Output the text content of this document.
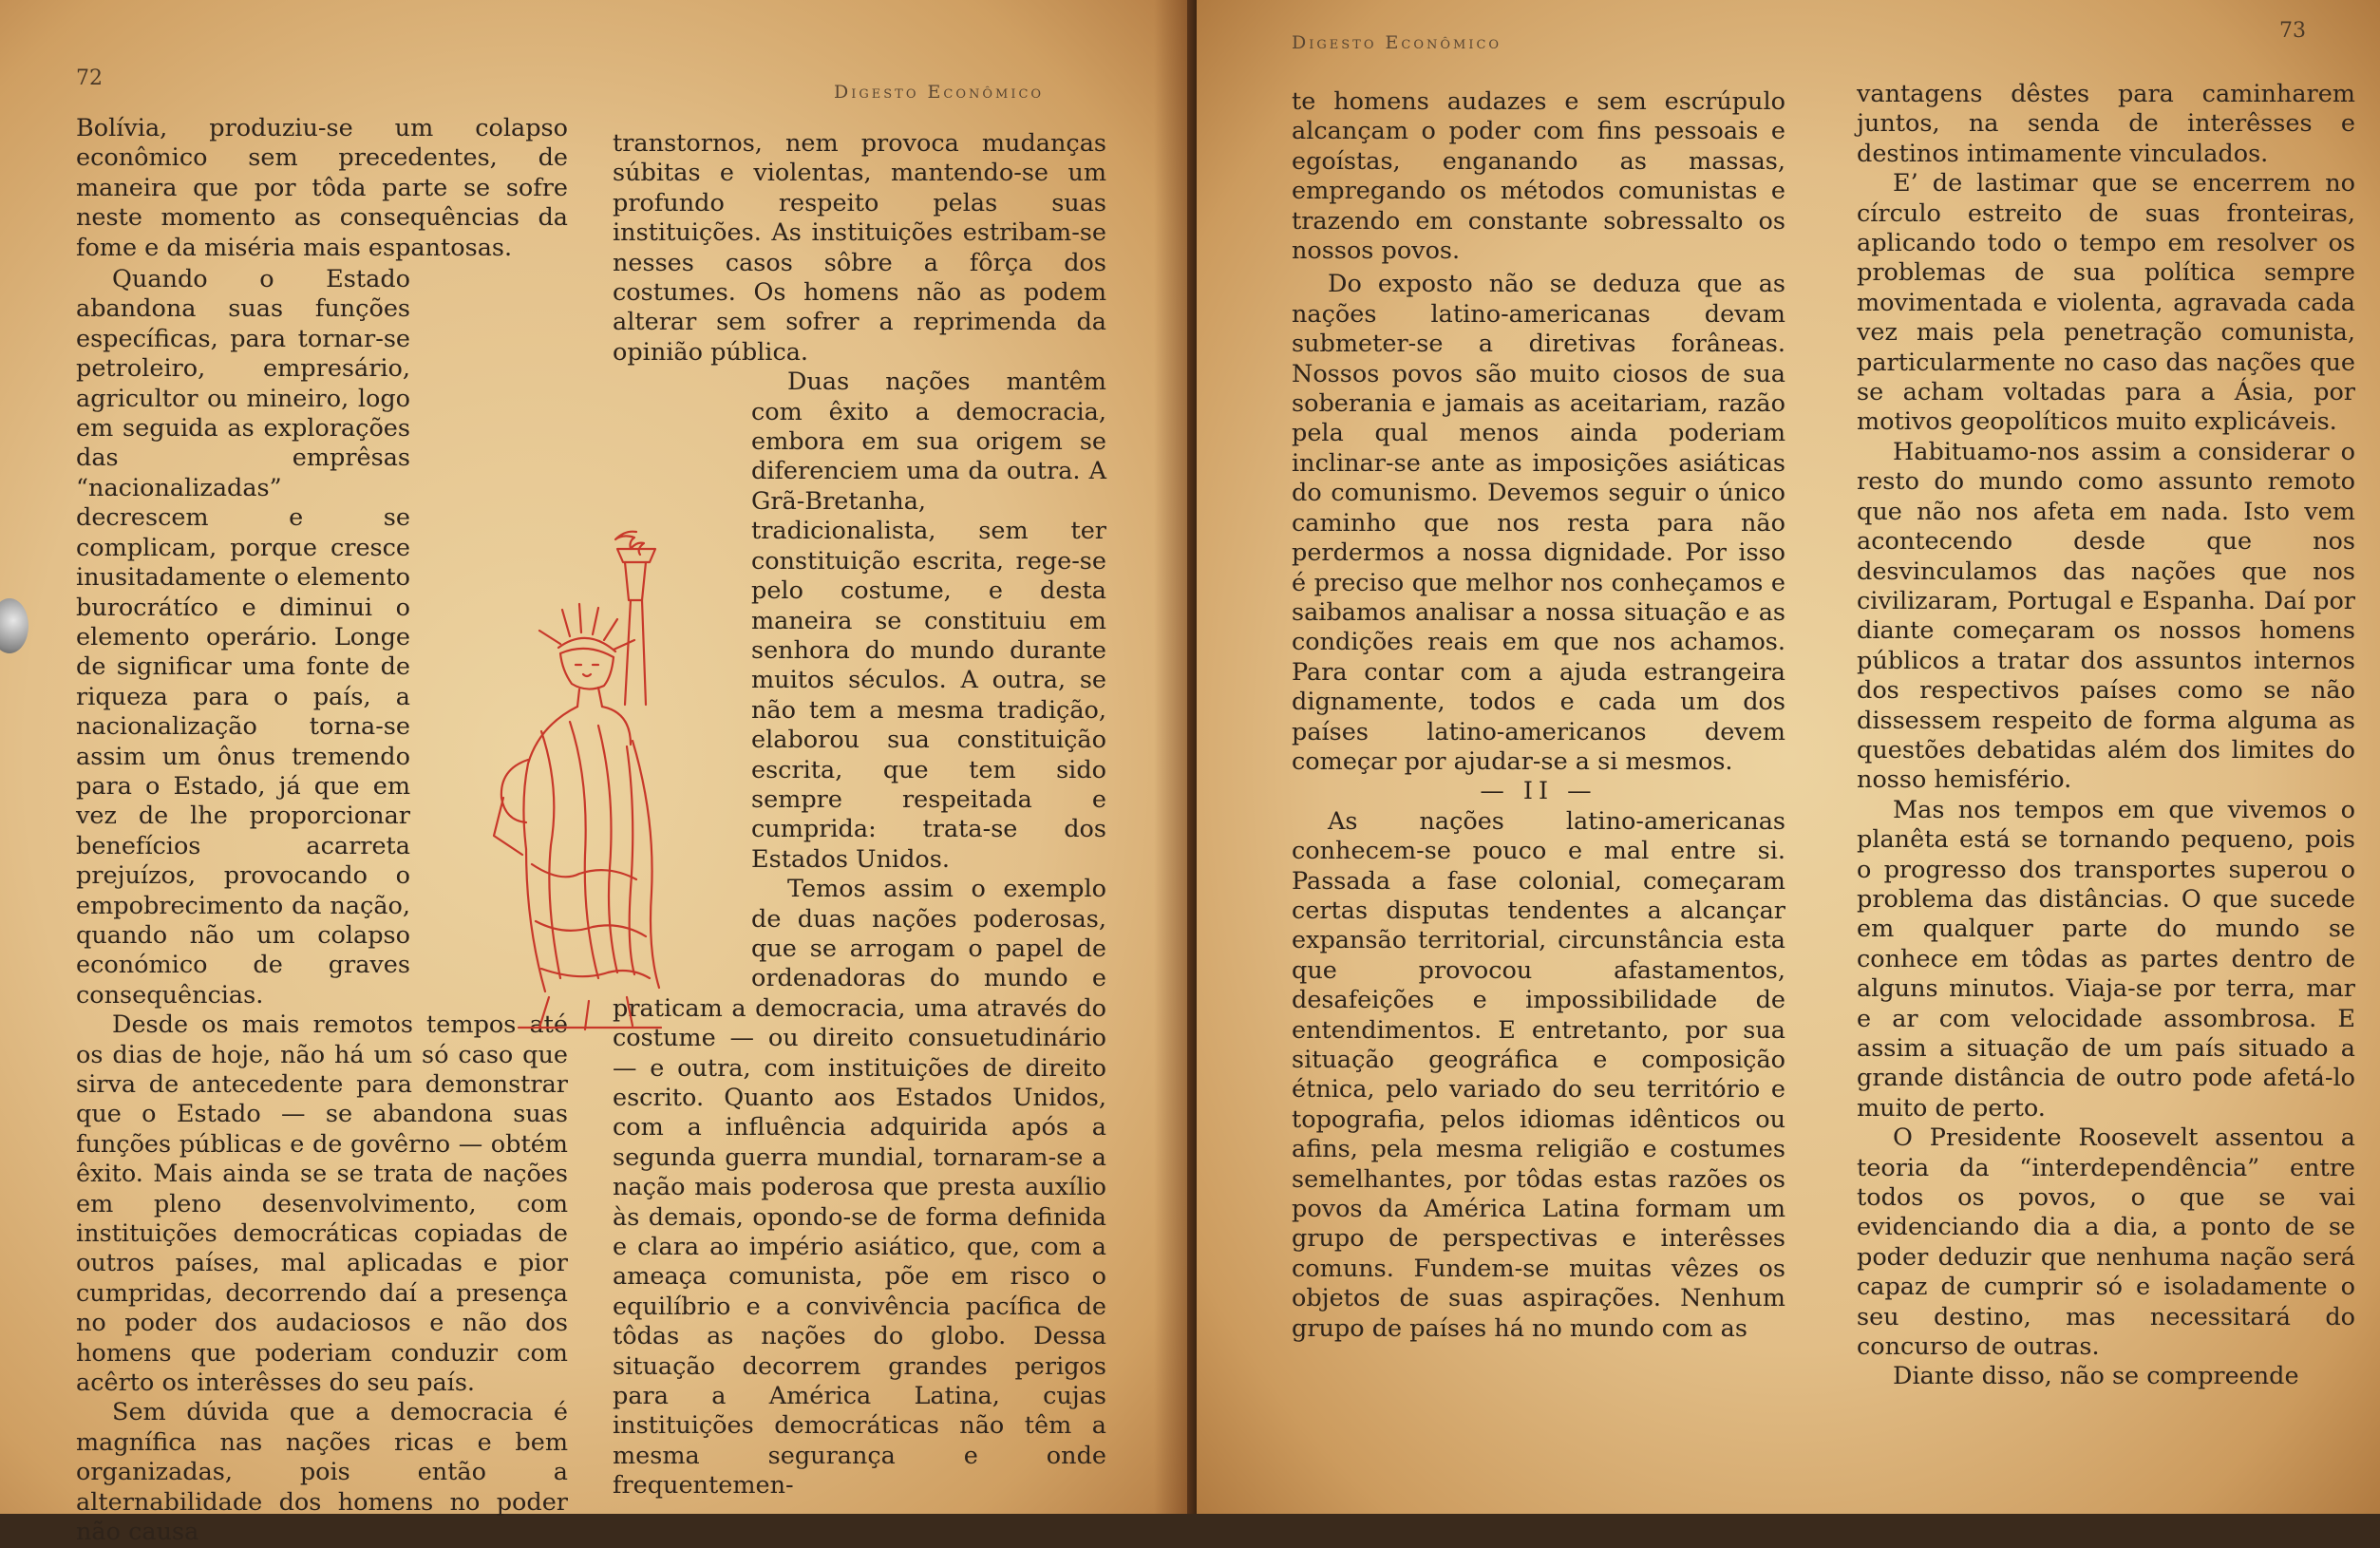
72
Digesto Econômico

Bolívia, produziu-se um colapso econômico sem precedentes, de maneira que por tôda parte se sofre neste momento as consequências da fome e da miséria mais espantosas.

Quando o Estado abandona suas funções específicas, para tornar-se petroleiro, empresário, agricultor ou mineiro, logo em seguida as explorações das emprêsas “nacionalizadas” decrescem e se complicam, porque cresce inusitadamente o elemento burocrátíco e diminui o elemento operário. Longe de significar uma fonte de riqueza para o país, a nacionalização torna-se assim um ônus tremendo para o Estado, já que em vez de lhe proporcionar benefícios acarreta prejuízos, provocando o empobrecimento da nação, quando não um colapso económico de graves consequências.

Desde os mais remotos tempos até os dias de hoje, não há um só caso que sirva de antecedente para demonstrar que o Estado — se abandona suas funções públicas e de govêrno — obtém êxito. Mais ainda se se trata de nações em pleno desenvolvimento, com instituições democráticas copiadas de outros países, mal aplicadas e pior cumpridas, decorrendo daí a presença no poder dos audaciosos e não dos homens que poderiam conduzir com acêrto os interêsses do seu país.

Sem dúvida que a democracia é magnífica nas nações ricas e bem organizadas, pois então a alternabilidade dos homens no poder não causa

transtornos, nem provoca mudanças súbitas e violentas, mantendo-se um profundo respeito pelas suas instituições. As instituições estribam-se nesses casos sôbre a fôrça dos costumes. Os homens não as podem alterar sem sofrer a reprimenda da opinião pública.

Duas nações mantêm com êxito a democracia, embora em sua origem se diferenciem uma da outra. A Grã-Bretanha, tradicionalista, sem ter constituição escrita, rege-se pelo costume, e desta maneira se constituiu em senhora do mundo durante muitos séculos. A outra, se não tem a mesma tradição, elaborou sua constituição escrita, que tem sido sempre respeitada e cumprida: trata-se dos Estados Unidos.

Temos assim o exemplo de duas nações poderosas, que se arrogam o papel de ordenadoras do mundo e praticam a democracia, uma através do costume — ou direito consuetudinário — e outra, com instituições de direito escrito. Quanto aos Estados Unidos, com a influência adquirida após a segunda guerra mundial, tornaram-se a nação mais poderosa que presta auxílio às demais, opondo-se de forma definida e clara ao império asiático, que, com a ameaça comunista, põe em risco o equilíbrio e a convivência pacífica de tôdas as nações do globo. Dessa situação decorrem grandes perigos para a América Latina, cujas instituições democráticas não têm a mesma segurança e onde frequentemen-

Digesto Econômico	73

te homens audazes e sem escrúpulo alcançam o poder com fins pessoais e egoístas, enganando as massas, empregando os métodos comunistas e trazendo em constante sobressalto os nossos povos.

Do exposto não se deduza que as nações latino-americanas devam submeter-se a diretivas forâneas. Nossos povos são muito ciosos de sua soberania e jamais as aceitariam, razão pela qual menos ainda poderiam inclinar-se ante as imposições asiáticas do comunismo. Devemos seguir o único caminho que nos resta para não perdermos a nossa dignidade. Por isso é preciso que melhor nos conheçamos e saibamos analisar a nossa situação e as condições reais em que nos achamos. Para contar com a ajuda estrangeira dignamente, todos e cada um dos países latino-americanos devem começar por ajudar-se a si mesmos.

— II —

As nações latino-americanas conhecem-se pouco e mal entre si. Passada a fase colonial, começaram certas disputas tendentes a alcançar expansão territorial, circunstância esta que provocou afastamentos, desafeições e impossibilidade de entendimentos. E entretanto, por sua situação geográfica e composição étnica, pelo variado do seu território e topografia, pelos idiomas idênticos ou afins, pela mesma religião e costumes semelhantes, por tôdas estas razões os povos da América Latina formam um grupo de perspectivas e interêsses comuns. Fundem-se muitas vêzes os objetos de suas aspirações. Nenhum grupo de países há no mundo com as

vantagens dêstes para caminharem juntos, na senda de interêsses e destinos intimamente vinculados.

E’ de lastimar que se encerrem no círculo estreito de suas fronteiras, aplicando todo o tempo em resolver os problemas de sua política sempre movimentada e violenta, agravada cada vez mais pela penetração comunista, particularmente no caso das nações que se acham voltadas para a Ásia, por motivos geopolíticos muito explicáveis.

Habituamo-nos assim a considerar o resto do mundo como assunto remoto que não nos afeta em nada. Isto vem acontecendo desde que nos desvinculamos das nações que nos civilizaram, Portugal e Espanha. Daí por diante começaram os nossos homens públicos a tratar dos assuntos internos dos respectivos países como se não dissessem respeito de forma alguma as questões debatidas além dos limites do nosso hemisfério.

Mas nos tempos em que vivemos o planêta está se tornando pequeno, pois o progresso dos transportes superou o problema das distâncias. O que sucede em qualquer parte do mundo se conhece em tôdas as partes dentro de alguns minutos. Viaja-se por terra, mar e ar com velocidade assombrosa. E assim a situação de um país situado a grande distância de outro pode afetá-lo muito de perto.

O Presidente Roosevelt assentou a teoria da “interdependência” entre todos os povos, o que se vai evidenciando dia a dia, a ponto de se poder deduzir que nenhuma nação será capaz de cumprir só e isoladamente o seu destino, mas necessitará do concurso de outras.

Diante disso, não se compreende
